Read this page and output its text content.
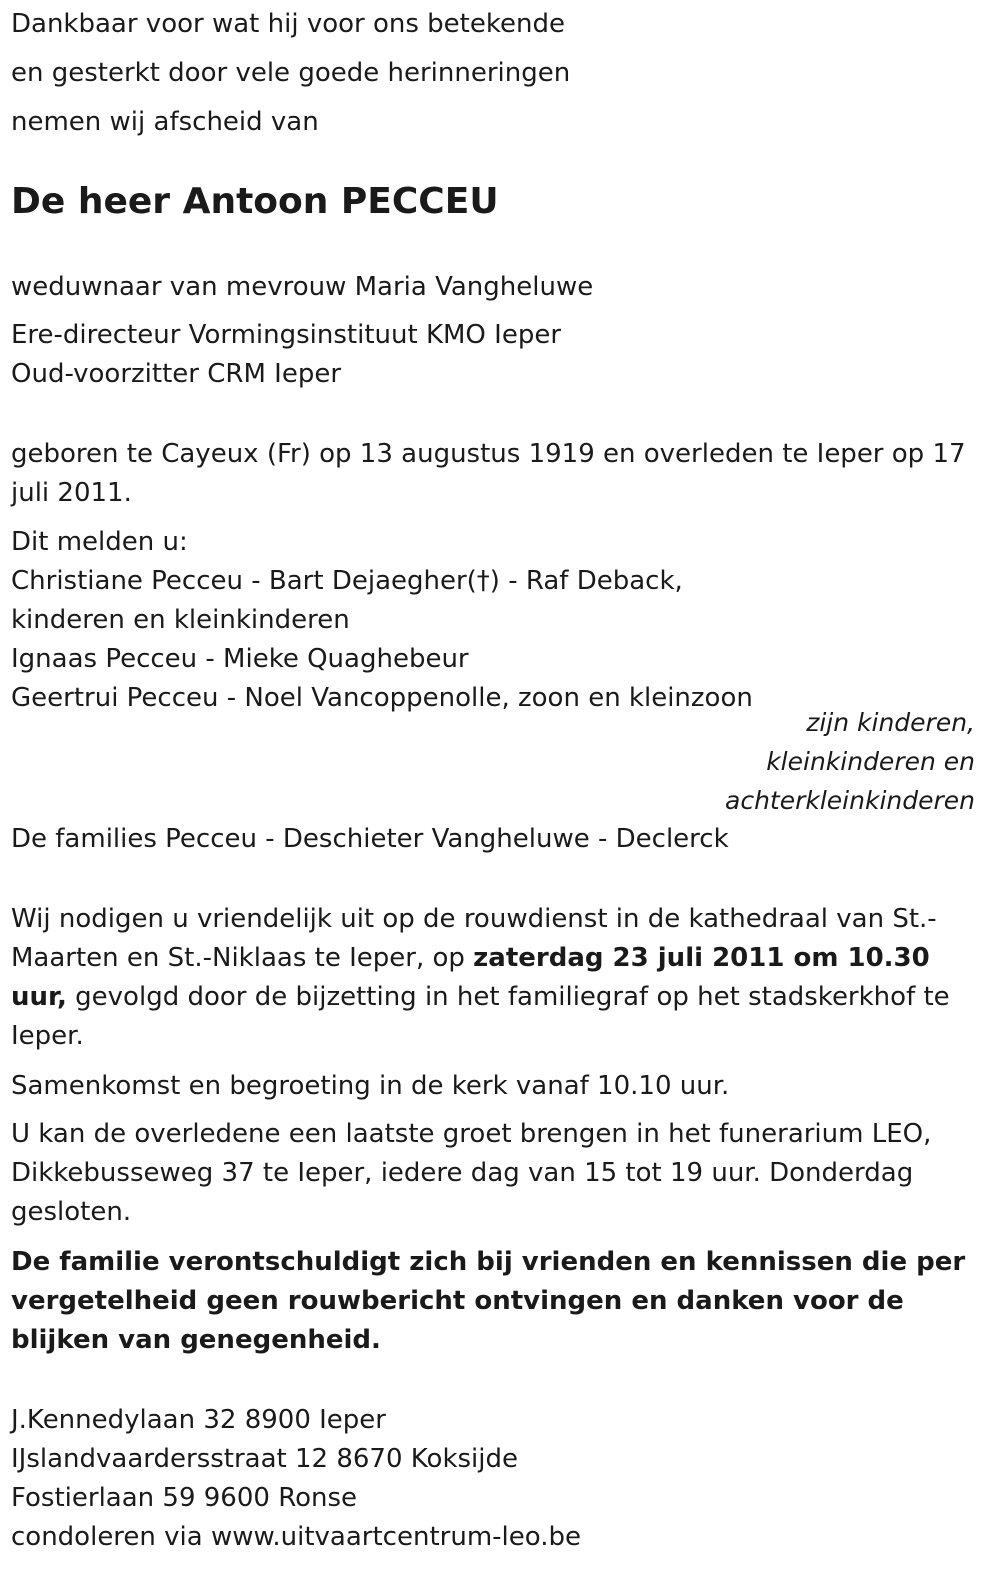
Dankbaar voor wat hij voor ons betekende
en gesterkt door vele goede herinneringen
nemen wij afscheid van
De heer Antoon PECCEU
weduwnaar van mevrouw Maria Vangheluwe
Ere-directeur Vormingsinstituut KMO Ieper
Oud-voorzitter CRM Ieper
geboren te Cayeux (Fr) op 13 augustus 1919 en overleden te Ieper op 17 juli 2011.
Dit melden u:
Christiane Pecceu - Bart Dejaegher(†) - Raf Deback,
kinderen en kleinkinderen
Ignaas Pecceu - Mieke Quaghebeur
Geertrui Pecceu - Noel Vancoppenolle, zoon en kleinzoon
zijn kinderen,
kleinkinderen en
achterkleinkinderen
De families Pecceu - Deschieter Vangheluwe - Declerck
Wij nodigen u vriendelijk uit op de rouwdienst in de kathedraal van St.-Maarten en St.-Niklaas te Ieper, op zaterdag 23 juli 2011 om 10.30 uur, gevolgd door de bijzetting in het familiegraf op het stadskerkhof te Ieper.
Samenkomst en begroeting in de kerk vanaf 10.10 uur.
U kan de overledene een laatste groet brengen in het funerarium LEO, Dikkebusseweg 37 te Ieper, iedere dag van 15 tot 19 uur. Donderdag gesloten.
De familie verontschuldigt zich bij vrienden en kennissen die per vergetelheid geen rouwbericht ontvingen en danken voor de blijken van genegenheid.
J.Kennedylaan 32 8900 Ieper
IJslandvaardersstraat 12 8670 Koksijde
Fostierlaan 59 9600 Ronse
condoleren via www.uitvaartcentrum-leo.be
